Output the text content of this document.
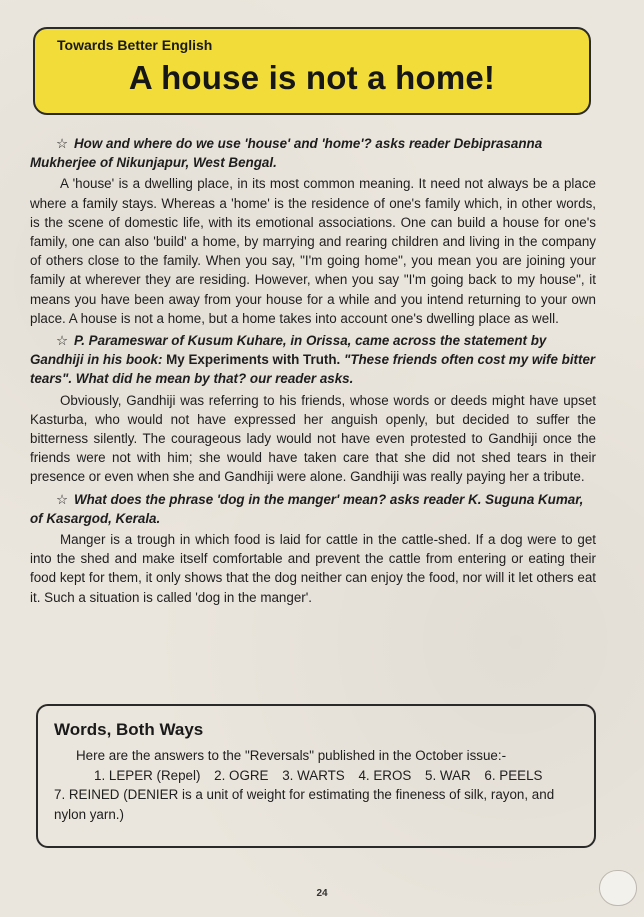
Towards Better English
A house is not a home!

☆ How and where do we use 'house' and 'home'? asks reader Debiprasanna Mukherjee of Nikunjapur, West Bengal.

A 'house' is a dwelling place, in its most common meaning. It need not always be a place where a family stays. Whereas a 'home' is the residence of one's family which, in other words, is the scene of domestic life, with its emotional associations. One can build a house for one's family, one can also 'build' a home, by marrying and rearing children and living in the company of others close to the family. When you say, "I'm going home", you mean you are joining your family at wherever they are residing. However, when you say "I'm going back to my house", it means you have been away from your house for a while and you intend returning to your own place. A house is not a home, but a home takes into account one's dwelling place as well.

☆ P. Parameswar of Kusum Kuhare, in Orissa, came across the statement by Gandhiji in his book: My Experiments with Truth. "These friends often cost my wife bitter tears". What did he mean by that? our reader asks.

Obviously, Gandhiji was referring to his friends, whose words or deeds might have upset Kasturba, who would not have expressed her anguish openly, but decided to suffer the bitterness silently. The courageous lady would not have even protested to Gandhiji once the friends were not with him; she would have taken care that she did not shed tears in their presence or even when she and Gandhiji were alone. Gandhiji was really paying her a tribute.

☆ What does the phrase 'dog in the manger' mean? asks reader K. Suguna Kumar, of Kasargod, Kerala.

Manger is a trough in which food is laid for cattle in the cattle-shed. If a dog were to get into the shed and make itself comfortable and prevent the cattle from entering or eating their food kept for them, it only shows that the dog neither can enjoy the food, nor will it let others eat it. Such a situation is called 'dog in the manger'.

Words, Both Ways

Here are the answers to the "Reversals" published in the October issue:-

1. LEPER (Repel) 2. OGRE 3. WARTS 4. EROS 5. WAR 6. PEELS

7. REINED (DENIER is a unit of weight for estimating the fineness of silk, rayon, and nylon yarn.)

24
